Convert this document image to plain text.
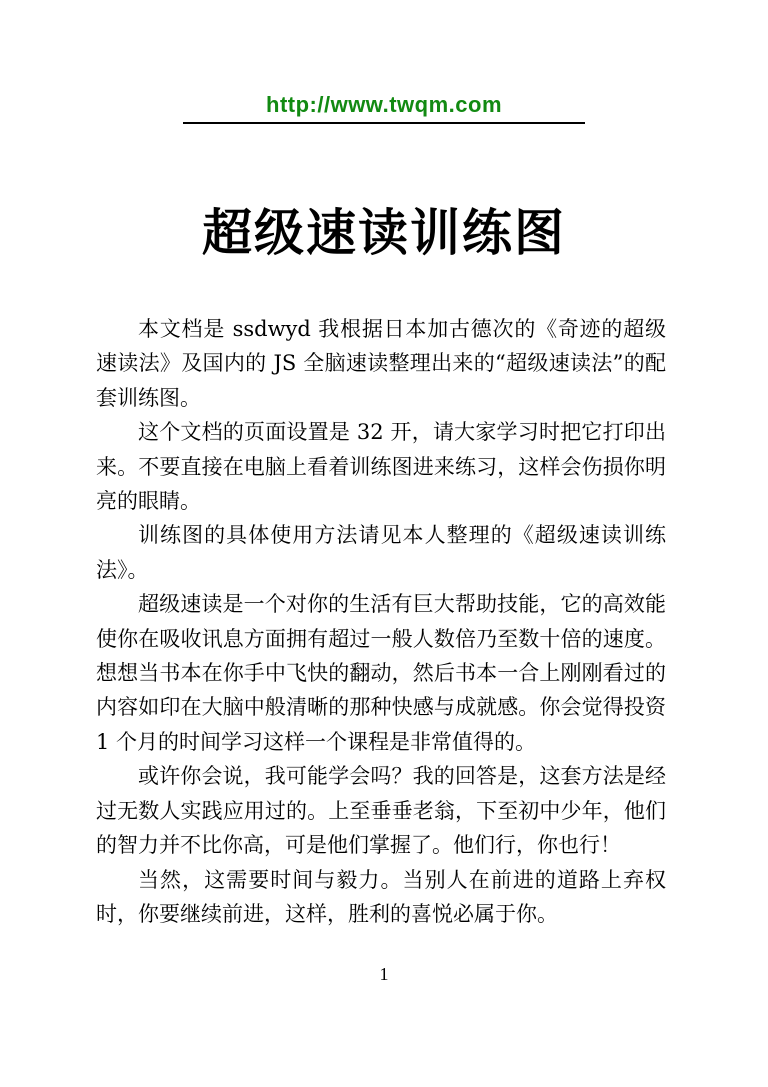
http://www.twqm.com
超级速读训练图

本文档是 ssdwyd 我根据日本加古德次的《奇迹的超级速读法》及国内的 JS 全脑速读整理出来的“超级速读法”的配套训练图。

这个文档的页面设置是 32 开，请大家学习时把它打印出来。不要直接在电脑上看着训练图进来练习，这样会伤损你明亮的眼睛。

训练图的具体使用方法请见本人整理的《超级速读训练法》。

超级速读是一个对你的生活有巨大帮助技能，它的高效能使你在吸收讯息方面拥有超过一般人数倍乃至数十倍的速度。想想当书本在你手中飞快的翻动，然后书本一合上刚刚看过的内容如印在大脑中般清晰的那种快感与成就感。你会觉得投资 1 个月的时间学习这样一个课程是非常值得的。

或许你会说，我可能学会吗？我的回答是，这套方法是经过无数人实践应用过的。上至垂垂老翁，下至初中少年，他们的智力并不比你高，可是他们掌握了。他们行，你也行！

当然，这需要时间与毅力。当别人在前进的道路上弃权时，你要继续前进，这样，胜利的喜悦必属于你。

1
